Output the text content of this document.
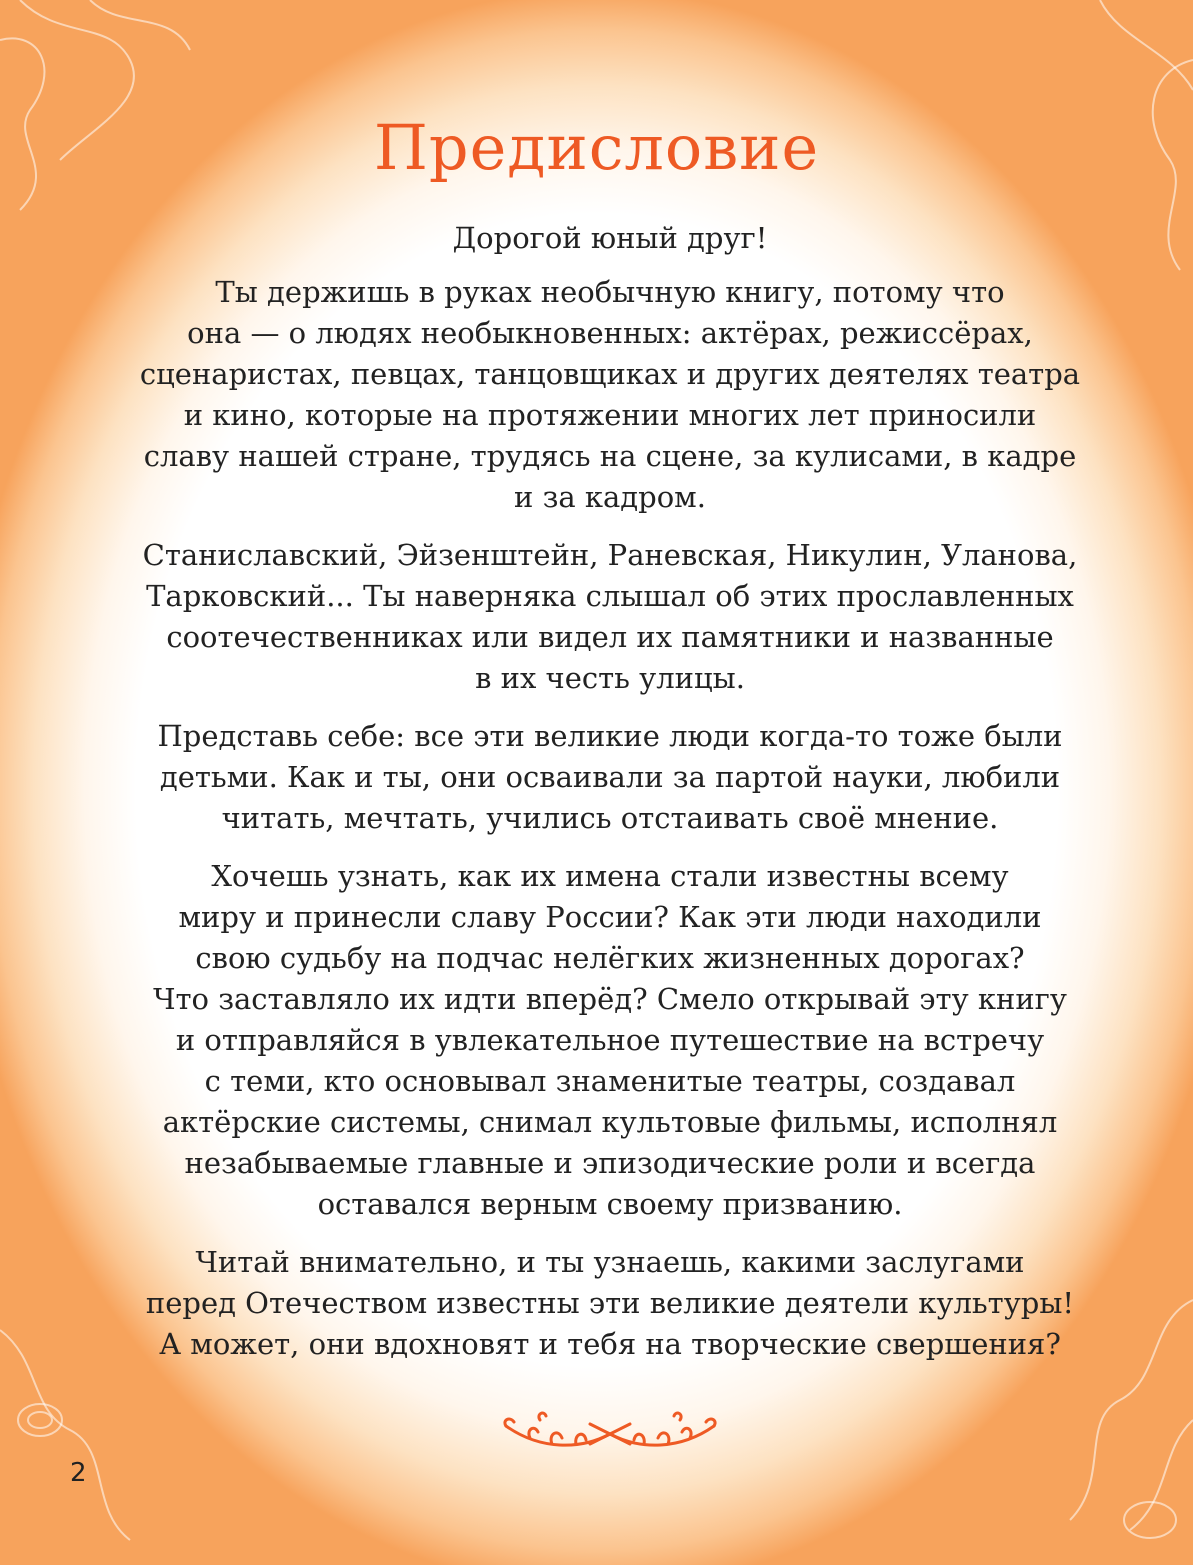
Предисловие

Дорогой юный друг!

Ты держишь в руках необычную книгу, потому что
она — о людях необыкновенных: актёрах, режиссёрах,
сценаристах, певцах, танцовщиках и других деятелях театра
и кино, которые на протяжении многих лет приносили
славу нашей стране, трудясь на сцене, за кулисами, в кадре
и за кадром.

Станиславский, Эйзенштейн, Раневская, Никулин, Уланова,
Тарковский... Ты наверняка слышал об этих прославленных
соотечественниках или видел их памятники и названные
в их честь улицы.

Представь себе: все эти великие люди когда-то тоже были
детьми. Как и ты, они осваивали за партой науки, любили
читать, мечтать, учились отстаивать своё мнение.

Хочешь узнать, как их имена стали известны всему
миру и принесли славу России? Как эти люди находили
свою судьбу на подчас нелёгких жизненных дорогах?
Что заставляло их идти вперёд? Смело открывай эту книгу
и отправляйся в увлекательное путешествие на встречу
с теми, кто основывал знаменитые театры, создавал
актёрские системы, снимал культовые фильмы, исполнял
незабываемые главные и эпизодические роли и всегда
оставался верным своему призванию.

Читай внимательно, и ты узнаешь, какими заслугами
перед Отечеством известны эти великие деятели культуры!
А может, они вдохновят и тебя на творческие свершения?

2
